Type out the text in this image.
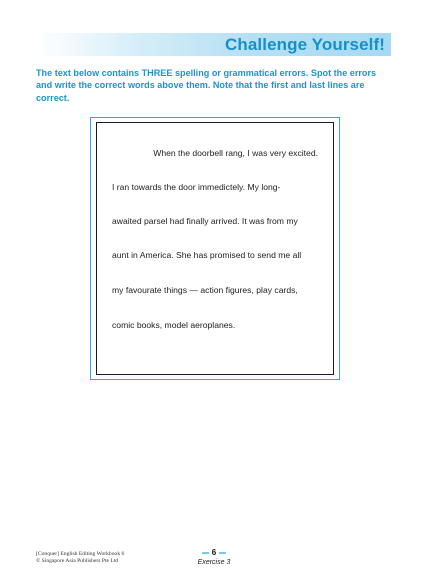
Challenge Yourself!
The text below contains THREE spelling or grammatical errors. Spot the errors and write the correct words above them. Note that the first and last lines are correct.
When the doorbell rang, I was very excited.
I ran towards the door immedictely. My long-
awaited parsel had finally arrived. It was from my
aunt in America. She has promised to send me all
my favourate things — action figures, play cards,
comic books, model aeroplanes.
[Conquer] English Editing Workbook 6
© Singapore Asia Publishers Pte Ltd
6
Exercise 3
